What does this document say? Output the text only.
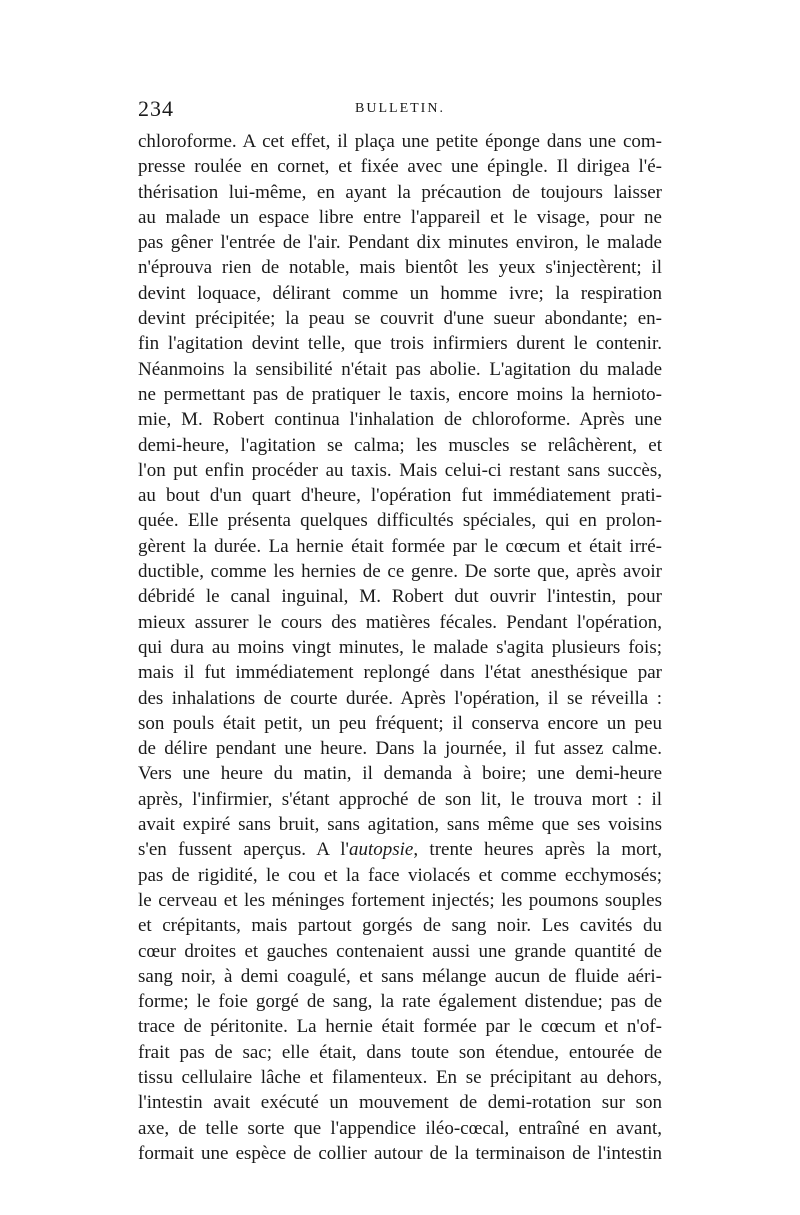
234	BULLETIN.
chloroforme. A cet effet, il plaça une petite éponge dans une com-
presse roulée en cornet, et fixée avec une épingle. Il dirigea l'é-
thérisation lui-même, en ayant la précaution de toujours laisser
au malade un espace libre entre l'appareil et le visage, pour ne
pas gêner l'entrée de l'air. Pendant dix minutes environ, le malade
n'éprouva rien de notable, mais bientôt les yeux s'injectèrent; il
devint loquace, délirant comme un homme ivre; la respiration
devint précipitée; la peau se couvrit d'une sueur abondante; en-
fin l'agitation devint telle, que trois infirmiers durent le contenir.
Néanmoins la sensibilité n'était pas abolie. L'agitation du malade
ne permettant pas de pratiquer le taxis, encore moins la herniotо-
mie, M. Robert continua l'inhalation de chloroforme. Après une
demi-heure, l'agitation se calma; les muscles se relâchèrent, et
l'on put enfin procéder au taxis. Mais celui-ci restant sans succès,
au bout d'un quart d'heure, l'opération fut immédiatement prati-
quée. Elle présenta quelques difficultés spéciales, qui en prolon-
gèrent la durée. La hernie était formée par le cœcum et était irré-
ductible, comme les hernies de ce genre. De sorte que, après avoir
débridé le canal inguinal, M. Robert dut ouvrir l'intestin, pour
mieux assurer le cours des matières fécales. Pendant l'opération,
qui dura au moins vingt minutes, le malade s'agita plusieurs fois;
mais il fut immédiatement replongé dans l'état anesthésique par
des inhalations de courte durée. Après l'opération, il se réveilla :
son pouls était petit, un peu fréquent; il conserva encore un peu
de délire pendant une heure. Dans la journée, il fut assez calme.
Vers une heure du matin, il demanda à boire; une demi-heure
après, l'infirmier, s'étant approché de son lit, le trouva mort : il
avait expiré sans bruit, sans agitation, sans même que ses voisins
s'en fussent aperçus. A l'autopsie, trente heures après la mort,
pas de rigidité, le cou et la face violacés et comme ecchymosés;
le cerveau et les méninges fortement injectés; les poumons souples
et crépitants, mais partout gorgés de sang noir. Les cavités du
cœur droites et gauches contenaient aussi une grande quantité de
sang noir, à demi coagulé, et sans mélange aucun de fluide aéri-
forme; le foie gorgé de sang, la rate également distendue; pas de
trace de péritonite. La hernie était formée par le cœcum et n'of-
frait pas de sac; elle était, dans toute son étendue, entourée de
tissu cellulaire lâche et filamenteux. En se précipitant au dehors,
l'intestin avait exécuté un mouvement de demi-rotation sur son
axe, de telle sorte que l'appendice iléo-cœcal, entraîné en avant,
formait une espèce de collier autour de la terminaison de l'intestin
